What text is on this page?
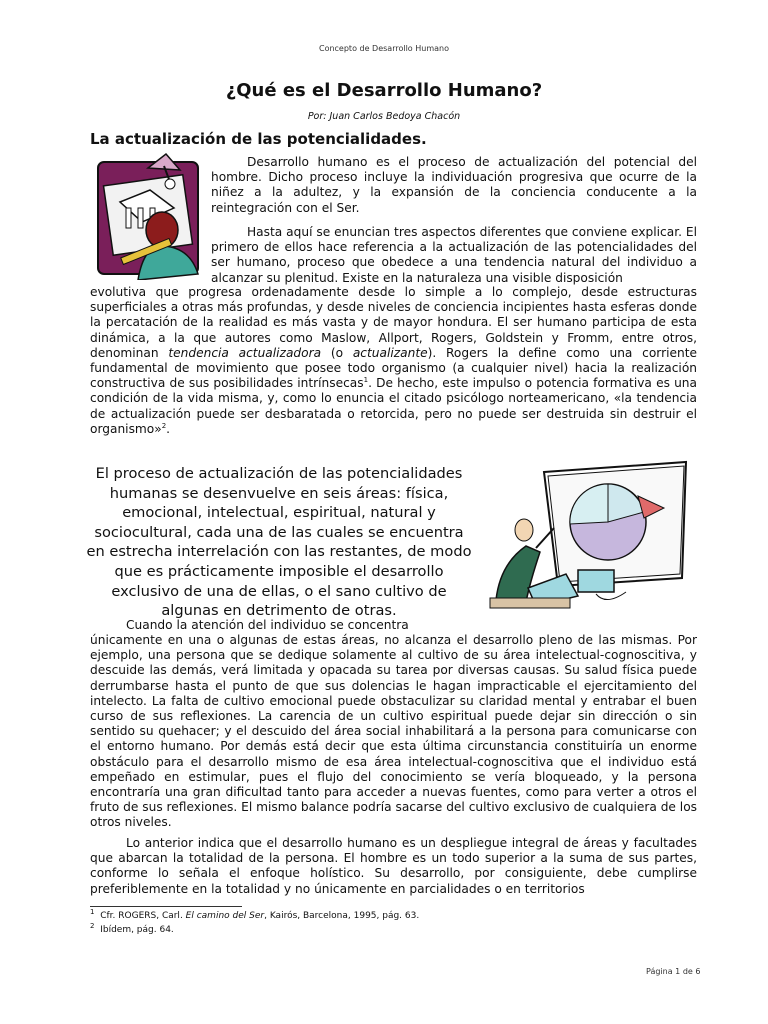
Concepto de Desarrollo Humano
¿Qué es el Desarrollo Humano?
Por: Juan Carlos Bedoya Chacón
La actualización de las potencialidades.
Desarrollo humano es el proceso de actualización del potencial del hombre. Dicho proceso incluye la individuación progresiva que ocurre de la niñez a la adultez, y la expansión de la conciencia conducente a la reintegración con el Ser.
Hasta aquí se enuncian tres aspectos diferentes que conviene explicar. El primero de ellos hace referencia a la actualización de las potencialidades del ser humano, proceso que obedece a una tendencia natural del individuo a alcanzar su plenitud. Existe en la naturaleza una visible disposición
evolutiva que progresa ordenadamente desde lo simple a lo complejo, desde estructuras superficiales a otras más profundas, y desde niveles de conciencia incipientes hasta esferas donde la percatación de la realidad es más vasta y de mayor hondura. El ser humano participa de esta dinámica, a la que autores como Maslow, Allport, Rogers, Goldstein y Fromm, entre otros, denominan tendencia actualizadora (o actualizante). Rogers la define como una corriente fundamental de movimiento que posee todo organismo (a cualquier nivel) hacia la realización constructiva de sus posibilidades intrínsecas$^1$. De hecho, este impulso o potencia formativa es una condición de la vida misma, y, como lo enuncia el citado psicólogo norteamericano, «la tendencia de actualización puede ser desbaratada o retorcida, pero no puede ser destruida sin destruir el organismo»$^2$.
El proceso de actualización de las potencialidades humanas se desenvuelve en seis áreas: física, emocional, intelectual, espiritual, natural y sociocultural, cada una de las cuales se encuentra en estrecha interrelación con las restantes, de modo que es prácticamente imposible el desarrollo exclusivo de una de ellas, o el sano cultivo de algunas en detrimento de otras.
Cuando la atención del individuo se concentra
únicamente en una o algunas de estas áreas, no alcanza el desarrollo pleno de las mismas. Por ejemplo, una persona que se dedique solamente al cultivo de su área intelectual-cognoscitiva, y descuide las demás, verá limitada y opacada su tarea por diversas causas. Su salud física puede derrumbarse hasta el punto de que sus dolencias le hagan impracticable el ejercitamiento del intelecto. La falta de cultivo emocional puede obstaculizar su claridad mental y entrabar el buen curso de sus reflexiones. La carencia de un cultivo espiritual puede dejar sin dirección o sin sentido su quehacer; y el descuido del área social inhabilitará a la persona para comunicarse con el entorno humano. Por demás está decir que esta última circunstancia constituiría un enorme obstáculo para el desarrollo mismo de esa área intelectual-cognoscitiva que el individuo está empeñado en estimular, pues el flujo del conocimiento se vería bloqueado, y la persona encontraría una gran dificultad tanto para acceder a nuevas fuentes, como para verter a otros el fruto de sus reflexiones. El mismo balance podría sacarse del cultivo exclusivo de cualquiera de los otros niveles.
Lo anterior indica que el desarrollo humano es un despliegue integral de áreas y facultades que abarcan la totalidad de la persona. El hombre es un todo superior a la suma de sus partes, conforme lo señala el enfoque holístico. Su desarrollo, por consiguiente, debe cumplirse preferiblemente en la totalidad y no únicamente en parcialidades o en territorios
$^1$ Cfr. ROGERS, Carl. El camino del Ser, Kairós, Barcelona, 1995, pág. 63.
$^2$ Ibídem, pág. 64.
Página 1 de 6
